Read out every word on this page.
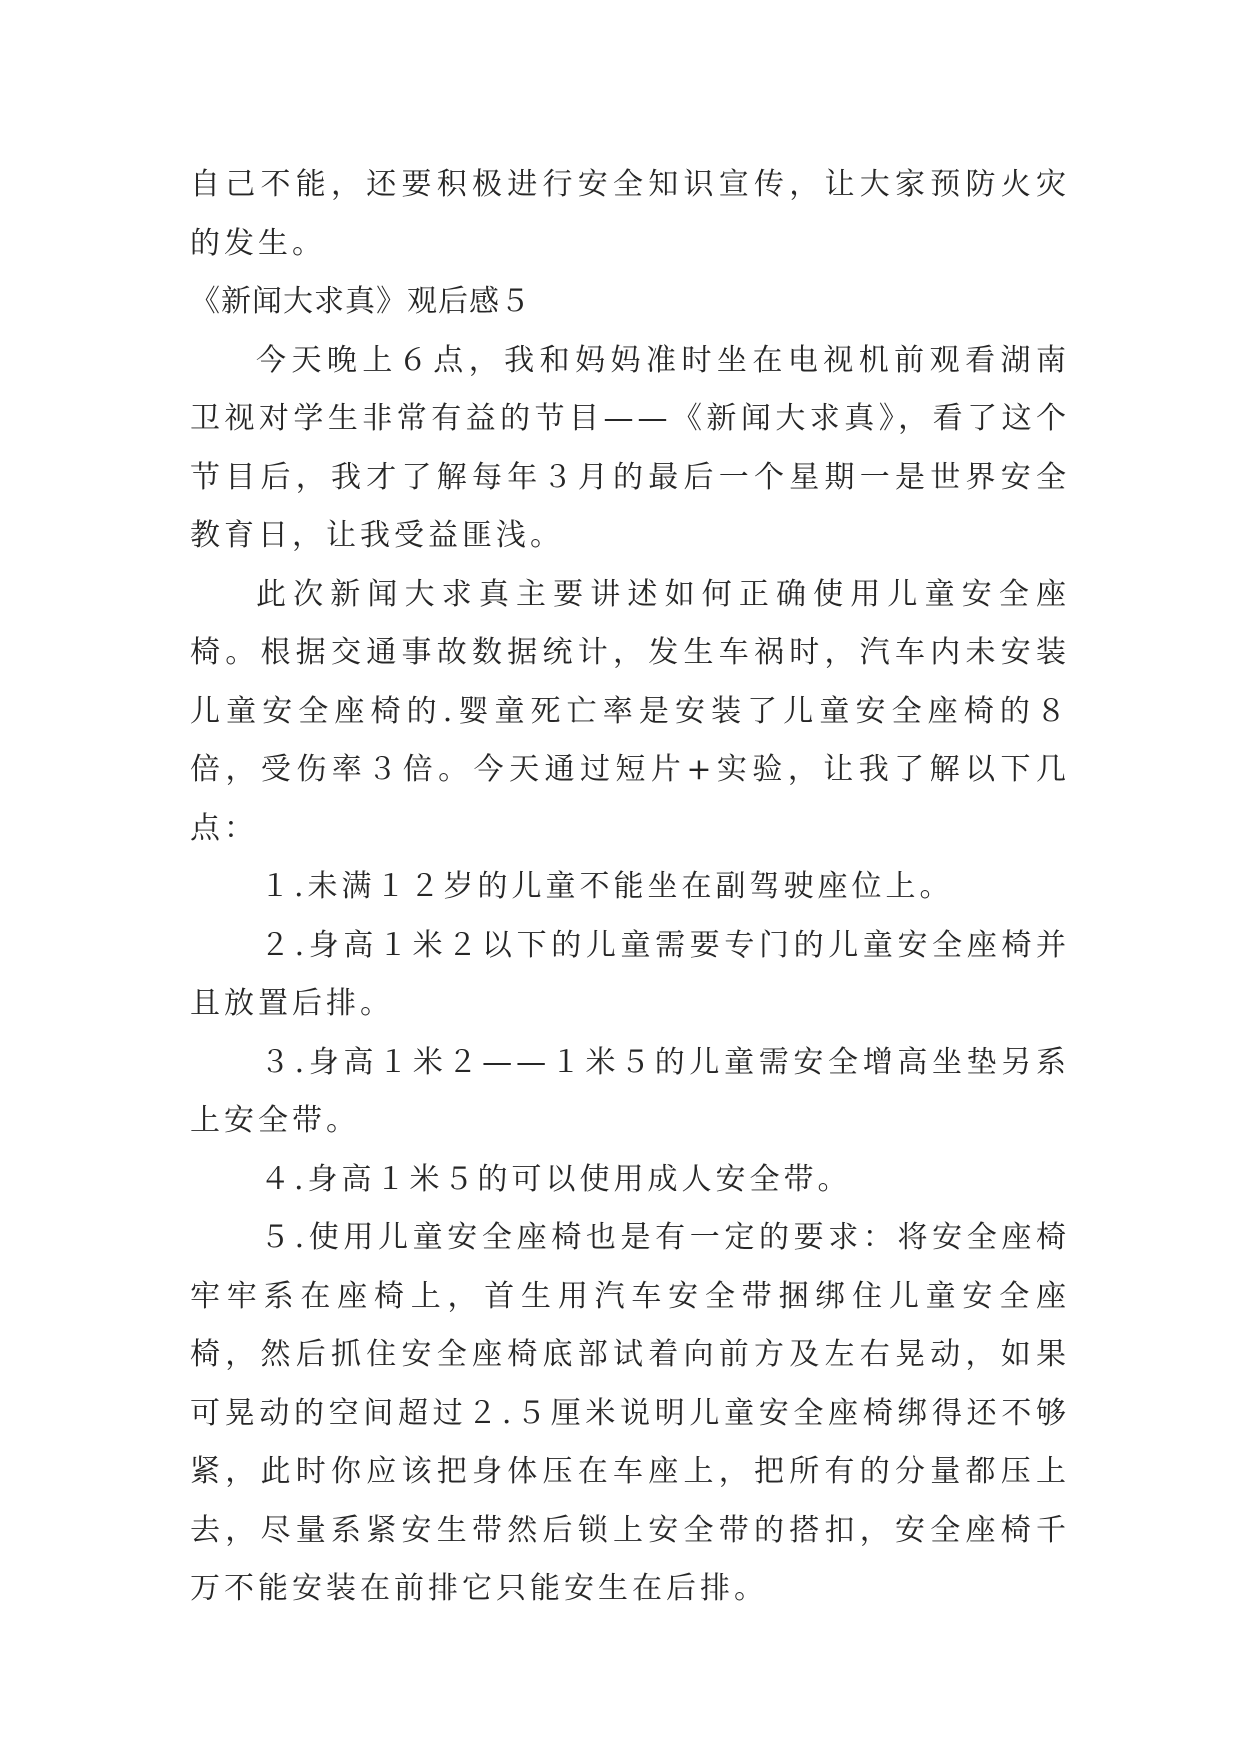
自己不能，还要积极进行安全知识宣传，让大家预防火灾的发生。

《新闻大求真》观后感５

今天晚上６点，我和妈妈准时坐在电视机前观看湖南卫视对学生非常有益的节目——《新闻大求真》，看了这个节目后，我才了解每年３月的最后一个星期一是世界安全教育日，让我受益匪浅。

此次新闻大求真主要讲述如何正确使用儿童安全座椅。根据交通事故数据统计，发生车祸时，汽车内未安装儿童安全座椅的.婴童死亡率是安装了儿童安全座椅的８倍，受伤率３倍。今天通过短片+实验，让我了解以下几点：

１.未满１２岁的儿童不能坐在副驾驶座位上。

２.身高１米２以下的儿童需要专门的儿童安全座椅并且放置后排。

３.身高１米２——１米５的儿童需安全增高坐垫另系上安全带。

４.身高１米５的可以使用成人安全带。

５.使用儿童安全座椅也是有一定的要求：将安全座椅牢牢系在座椅上，首生用汽车安全带捆绑住儿童安全座椅，然后抓住安全座椅底部试着向前方及左右晃动，如果可晃动的空间超过２.５厘米说明儿童安全座椅绑得还不够紧，此时你应该把身体压在车座上，把所有的分量都压上去，尽量系紧安生带然后锁上安全带的搭扣，安全座椅千万不能安装在前排它只能安生在后排。
